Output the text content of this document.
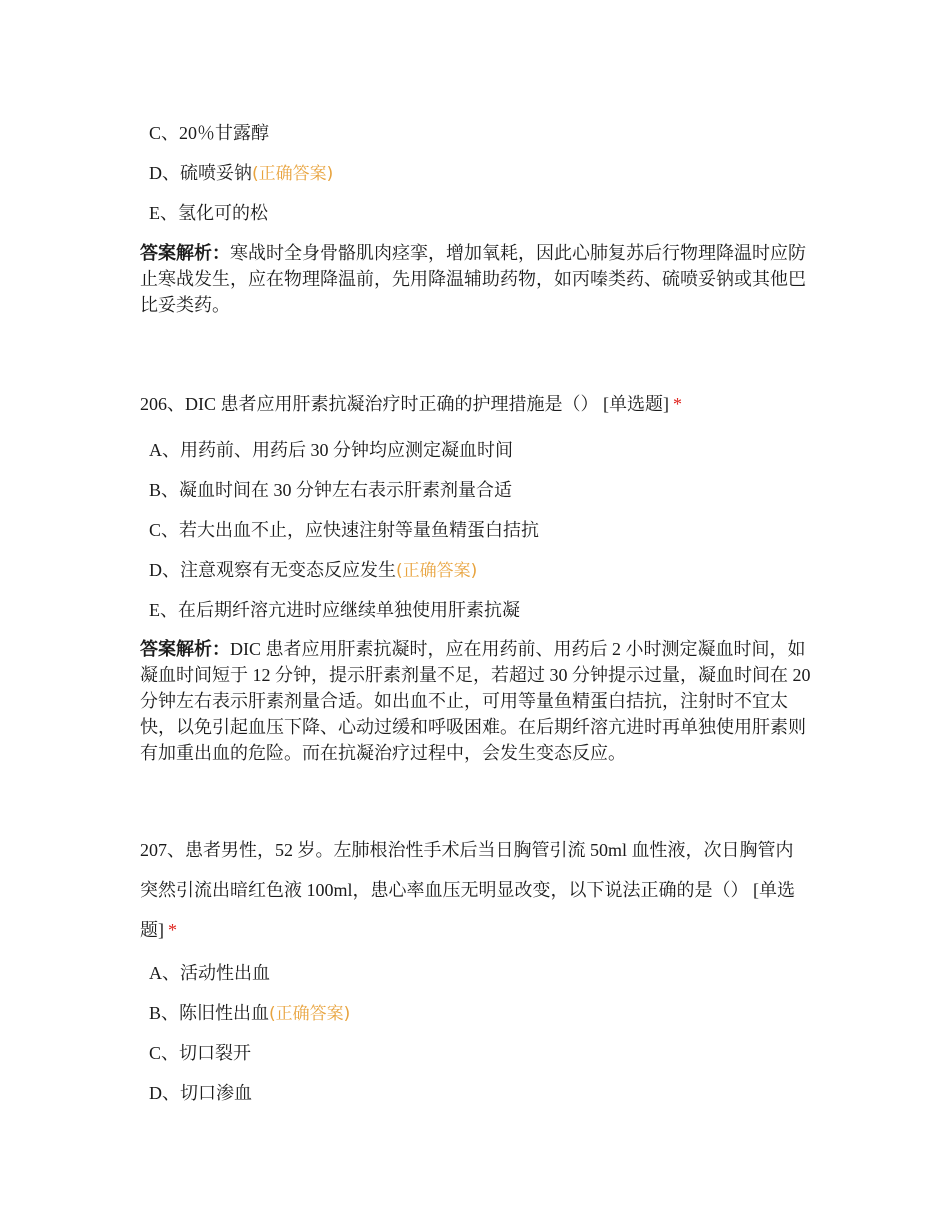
C、20％甘露醇
D、硫喷妥钠(正确答案)
E、氢化可的松
答案解析：寒战时全身骨骼肌肉痉挛，增加氧耗，因此心肺复苏后行物理降温时应防止寒战发生，应在物理降温前，先用降温辅助药物，如丙嗪类药、硫喷妥钠或其他巴比妥类药。
206、DIC 患者应用肝素抗凝治疗时正确的护理措施是（） [单选题] *
A、用药前、用药后 30 分钟均应测定凝血时间
B、凝血时间在 30 分钟左右表示肝素剂量合适
C、若大出血不止，应快速注射等量鱼精蛋白拮抗
D、注意观察有无变态反应发生(正确答案)
E、在后期纤溶亢进时应继续单独使用肝素抗凝
答案解析：DIC 患者应用肝素抗凝时，应在用药前、用药后 2 小时测定凝血时间，如凝血时间短于 12 分钟，提示肝素剂量不足，若超过 30 分钟提示过量，凝血时间在 20 分钟左右表示肝素剂量合适。如出血不止，可用等量鱼精蛋白拮抗，注射时不宜太快，以免引起血压下降、心动过缓和呼吸困难。在后期纤溶亢进时再单独使用肝素则有加重出血的危险。而在抗凝治疗过程中，会发生变态反应。
207、患者男性，52 岁。左肺根治性手术后当日胸管引流 50ml 血性液，次日胸管内突然引流出暗红色液 100ml，患心率血压无明显改变，以下说法正确的是（） [单选题] *
A、活动性出血
B、陈旧性出血(正确答案)
C、切口裂开
D、切口渗血
